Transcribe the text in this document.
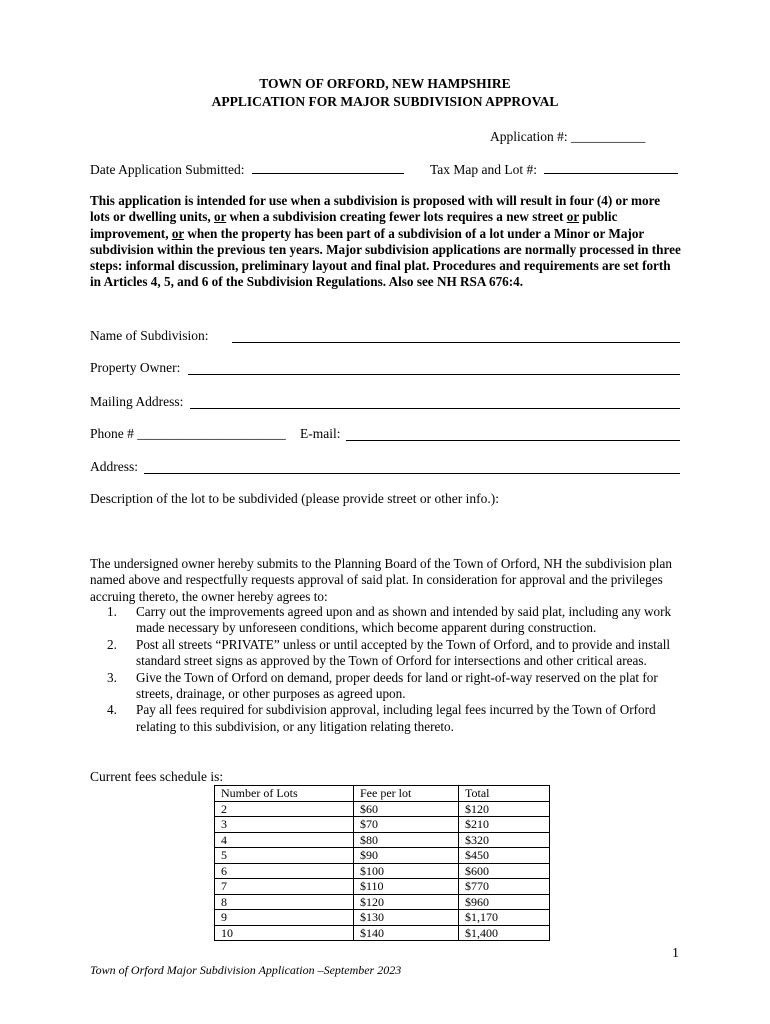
TOWN OF ORFORD, NEW HAMPSHIRE
APPLICATION FOR MAJOR SUBDIVISION APPROVAL
Application #: ___________
Date Application Submitted:	Tax Map and Lot #:
This application is intended for use when a subdivision is proposed with will result in four (4) or more lots or dwelling units, or when a subdivision creating fewer lots requires a new street or public improvement, or when the property has been part of a subdivision of a lot under a Minor or Major subdivision within the previous ten years. Major subdivision applications are normally processed in three steps: informal discussion, preliminary layout and final plat. Procedures and requirements are set forth in Articles 4, 5, and 6 of the Subdivision Regulations. Also see NH RSA 676:4.
Name of Subdivision:
Property Owner:
Mailing Address:
Phone # ______________________ E-mail:
Address:
Description of the lot to be subdivided (please provide street or other info.):
The undersigned owner hereby submits to the Planning Board of the Town of Orford, NH the subdivision plan named above and respectfully requests approval of said plat. In consideration for approval and the privileges accruing thereto, the owner hereby agrees to:
1. Carry out the improvements agreed upon and as shown and intended by said plat, including any work made necessary by unforeseen conditions, which become apparent during construction.
2. Post all streets “PRIVATE” unless or until accepted by the Town of Orford, and to provide and install standard street signs as approved by the Town of Orford for intersections and other critical areas.
3. Give the Town of Orford on demand, proper deeds for land or right-of-way reserved on the plat for streets, drainage, or other purposes as agreed upon.
4. Pay all fees required for subdivision approval, including legal fees incurred by the Town of Orford relating to this subdivision, or any litigation relating thereto.
Current fees schedule is:
Number of Lots	Fee per lot	Total
2	$60	$120
3	$70	$210
4	$80	$320
5	$90	$450
6	$100	$600
7	$110	$770
8	$120	$960
9	$130	$1,170
10	$140	$1,400
1
Town of Orford Major Subdivision Application –September 2023
